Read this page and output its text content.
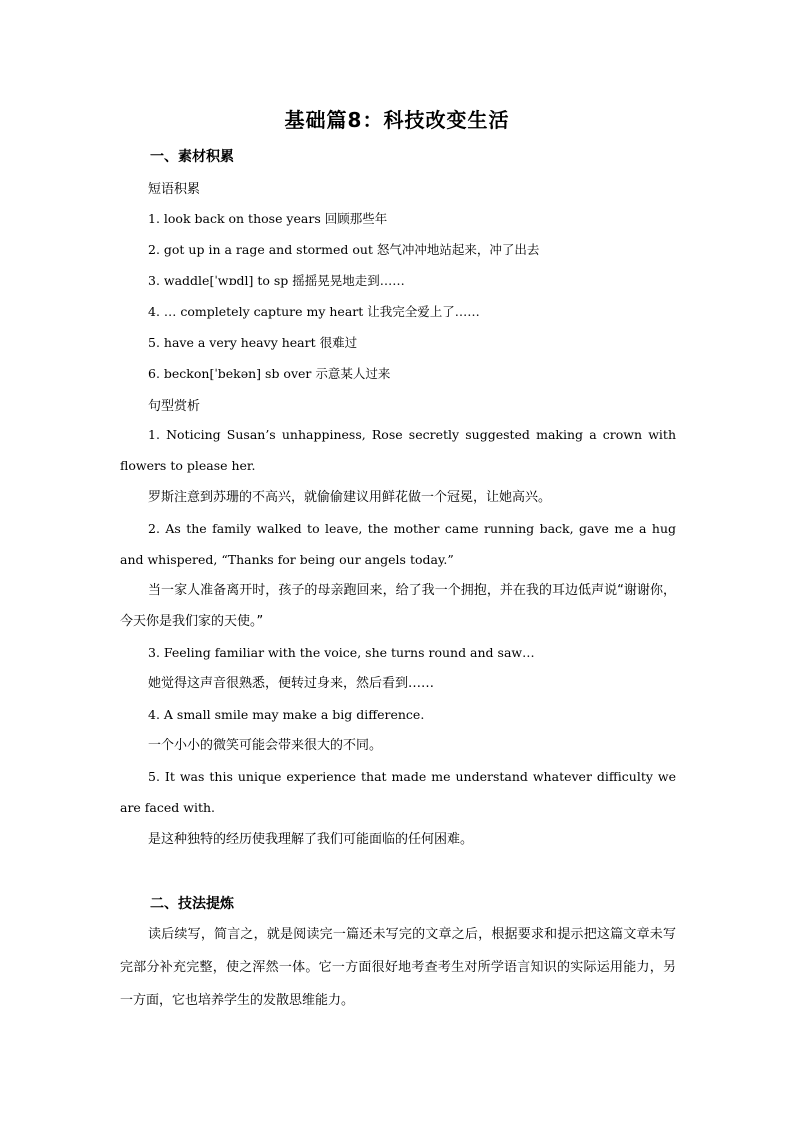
基础篇8：科技改变生活
一、素材积累
短语积累
1. look back on those years 回顾那些年
2. got up in a rage and stormed out 怒气冲冲地站起来，冲了出去
3. waddle[ˈwɒdl] to sp 摇摇晃晃地走到……
4. … completely capture my heart 让我完全爱上了……
5. have a very heavy heart 很难过
6. beckon[ˈbekən] sb over 示意某人过来
句型赏析
1. Noticing Susan’s unhappiness, Rose secretly suggested making a crown with flowers to please her.
罗斯注意到苏珊的不高兴，就偷偷建议用鲜花做一个冠冕，让她高兴。
2. As the family walked to leave, the mother came running back, gave me a hug and whispered, “Thanks for being our angels today.”
当一家人准备离开时，孩子的母亲跑回来，给了我一个拥抱，并在我的耳边低声说“谢谢你，今天你是我们家的天使。”
3. Feeling familiar with the voice, she turns round and saw…
她觉得这声音很熟悉，便转过身来，然后看到……
4. A small smile may make a big difference.
一个小小的微笑可能会带来很大的不同。
5. It was this unique experience that made me understand whatever difficulty we are faced with.
是这种独特的经历使我理解了我们可能面临的任何困难。
二、技法提炼
读后续写，简言之，就是阅读完一篇还未写完的文章之后，根据要求和提示把这篇文章未写完部分补充完整，使之浑然一体。它一方面很好地考查考生对所学语言知识的实际运用能力，另一方面，它也培养学生的发散思维能力。
